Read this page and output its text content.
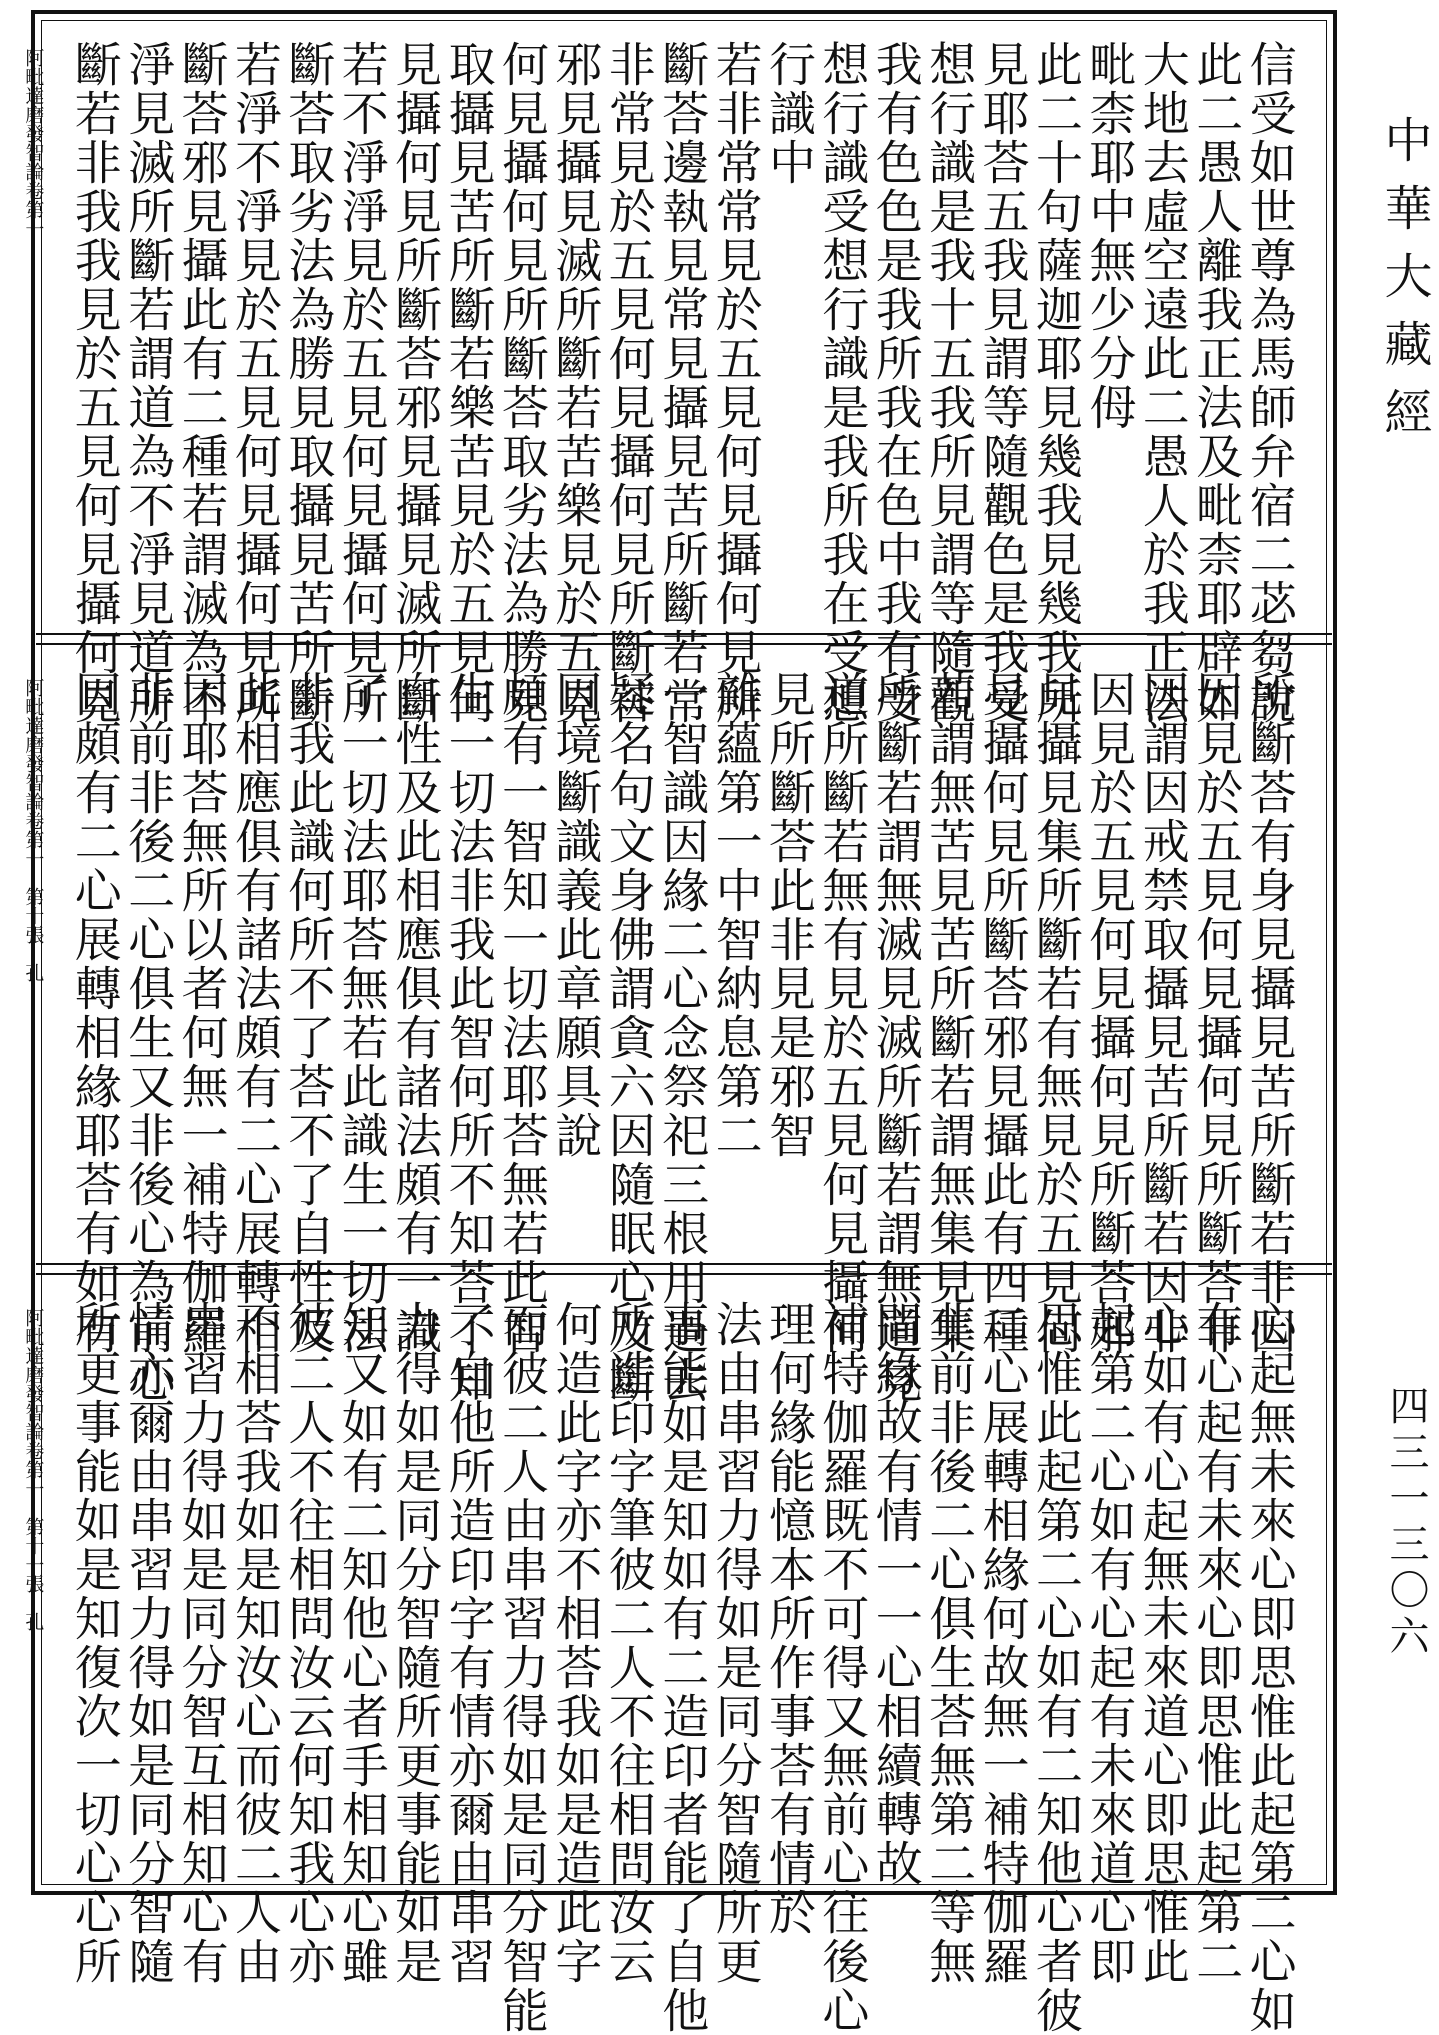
信受如世尊為馬師弁宿二苾芻說
此二愚人離我正法及毗柰耶辟如
大地去虛空遠此二愚人於我正法
毗柰耶中無少分㑄
此二十句薩迦耶見幾我見幾我所
見耶荅五我見謂等隨觀色是我受
想行識是我十五我所見謂等隨觀
我有色色是我所我在色中我有受
想行識受想行識是我所我在受想
行識中
若非常常見於五見何見攝何見所
斷荅邊執見常見攝見苦所斷若常
非常見於五見何見攝何見所斷荅
邪見攝見滅所斷若苦樂見於五見
何見攝何見所斷荅取劣法為勝見
取攝見苦所斷若樂苦見於五見何
見攝何見所斷荅邪見攝見滅所斷
若不淨淨見於五見何見攝何見所
斷荅取劣法為勝見取攝見苦所斷
若淨不淨見於五見何見攝何見所
斷荅邪見攝此有二種若謂滅為不
淨見滅所斷若謂道為不淨見道所
斷若非我我見於五見何見攝何見
阿毗達磨發智論卷第一
所斷荅有身見攝見苦所斷若非因
因見於五見何見攝何見所斷荅非
因謂因戒禁取攝見苦所斷若因非
因見於五見何見攝何見所斷荅邪
見攝見集所斷若有無見於五見何
見攝何見所斷荅邪見攝此有四種
若謂無苦見苦所斷若謂無集見集
所斷若謂無滅見滅所斷若謂無道見
道所斷若無有見於五見何見攝何
見所斷荅此非見是邪智
雜蘊第一中智納息第二
一智識因緣二心念祭祀三根用過去
疑名句文身佛謂貪六因隨眠心及斷
因境斷識義此章願具說
頗有一智知一切法耶荅無若此智
生一切法非我此智何所不知荅不知
自性及此相應俱有諸法頗有一識
了一切法耶荅無若此識生一切法
非我此識何所不了荅不了自性及
此相應俱有諸法頗有二心展轉相
因耶荅無所以者何無一補特伽羅
非前非後二心俱生又非後心為前心
因頗有二心展轉相緣耶荅有如有
阿毗達磨發智論卷第一　第十張　孔
心起無未來心即思惟此起第二心如
有心起有未來心即思惟此起第二
心如有心起無未來道心即思惟此
起第二心如有心起有未來道心即
思惟此起第二心如有二知他心者彼
二心展轉相緣何故無一補特伽羅
非前非後二心俱生荅無第二等無
間緣故有情一一心相續轉故
補特伽羅既不可得又無前心往後心
理何緣能憶本所作事荅有情於
法由串習力得如是同分智隨所更
事能如是知如有二造印者能了自他
所造印字筆彼二人不往相問汝云
何造此字亦不相荅我如是造此字
而彼二人由串習力得如是同分智能
了自他所造印字有情亦爾由串習
力得如是同分智隨所更事能如是
知又如有二知他心者手相知心雖
彼二人不往相問汝云何知我心亦
不相荅我如是知汝心而彼二人由
串習力得如是同分智互相知心有
情亦爾由串習力得如是同分智隨
所更事能如是知復次一切心心所
阿毗達磨發智論卷第一　第十一張　孔
中華大藏經
四三一三〇六
